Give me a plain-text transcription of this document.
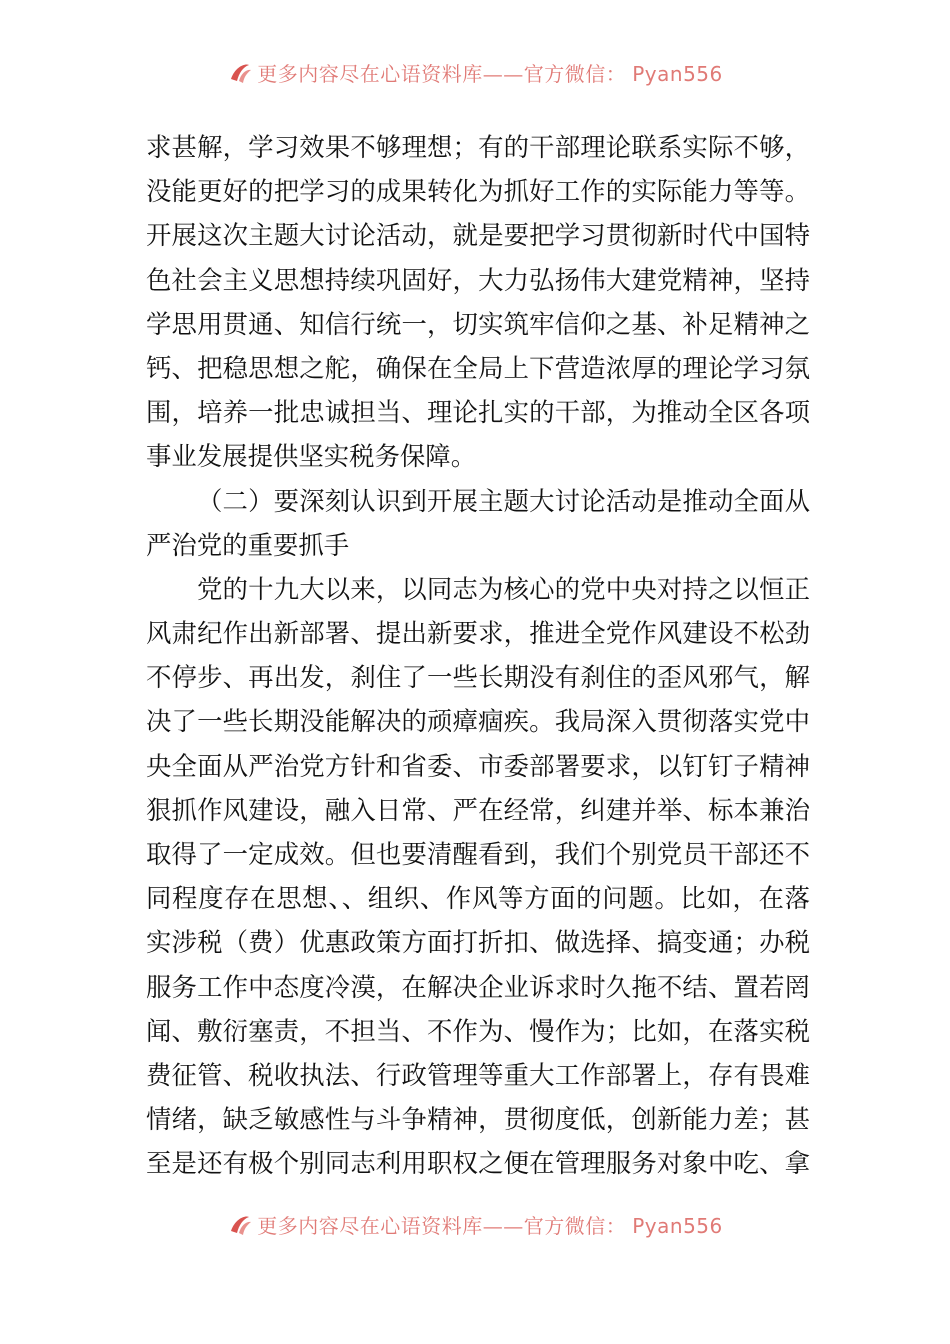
更多内容尽在心语资料库——官方微信： Pyan556
求甚解，学习效果不够理想；有的干部理论联系实际不够，
没能更好的把学习的成果转化为抓好工作的实际能力等等。
开展这次主题大讨论活动，就是要把学习贯彻新时代中国特
色社会主义思想持续巩固好，大力弘扬伟大建党精神，坚持
学思用贯通、知信行统一，切实筑牢信仰之基、补足精神之
钙、把稳思想之舵，确保在全局上下营造浓厚的理论学习氛
围，培养一批忠诚担当、理论扎实的干部，为推动全区各项
事业发展提供坚实税务保障。
（二）要深刻认识到开展主题大讨论活动是推动全面从
严治党的重要抓手
党的十九大以来，以同志为核心的党中央对持之以恒正
风肃纪作出新部署、提出新要求，推进全党作风建设不松劲
不停步、再出发，刹住了一些长期没有刹住的歪风邪气，解
决了一些长期没能解决的顽瘴痼疾。我局深入贯彻落实党中
央全面从严治党方针和省委、市委部署要求，以钉钉子精神
狠抓作风建设，融入日常、严在经常，纠建并举、标本兼治
取得了一定成效。但也要清醒看到，我们个别党员干部还不
同程度存在思想、、组织、作风等方面的问题。比如，在落
实涉税（费）优惠政策方面打折扣、做选择、搞变通；办税
服务工作中态度冷漠，在解决企业诉求时久拖不结、置若罔
闻、敷衍塞责，不担当、不作为、慢作为；比如，在落实税
费征管、税收执法、行政管理等重大工作部署上，存有畏难
情绪，缺乏敏感性与斗争精神，贯彻度低，创新能力差；甚
至是还有极个别同志利用职权之便在管理服务对象中吃、拿
更多内容尽在心语资料库——官方微信： Pyan556
